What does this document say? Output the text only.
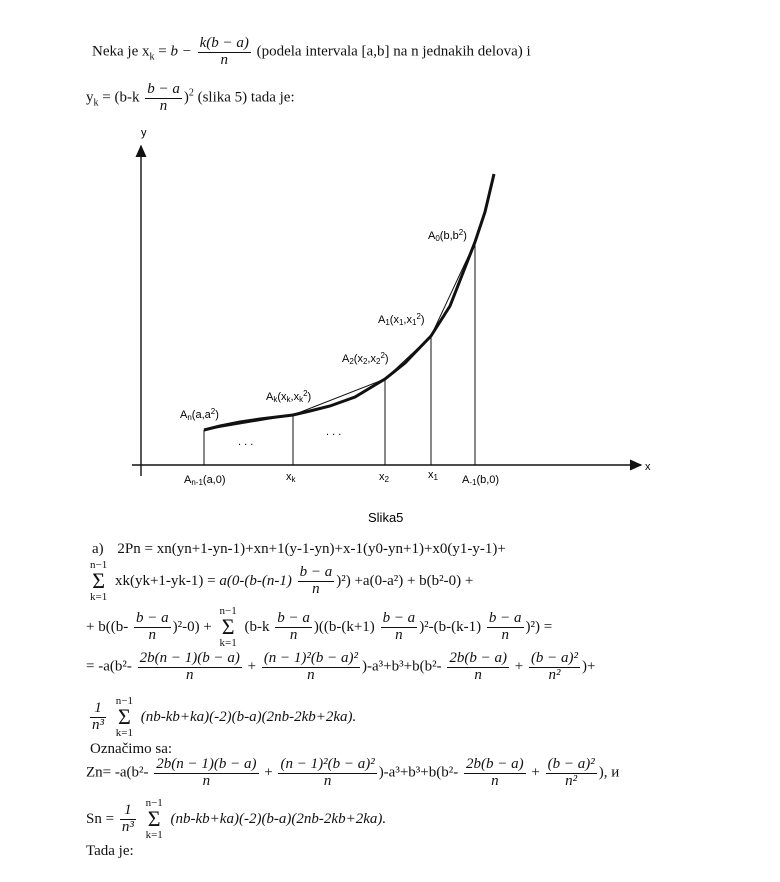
Neka je $x_k = b - \frac{k(b - a)}{n}$ (podela intervala [a,b] na n jednakih delova) i
$y_k = (b-k \frac{b - a}{n} )^2$ (slika 5) tada je:
y
x
. . .
. . .
$A0(b,b^2)$
$A1(x1,x1^2)$
$A2(x2,x2^2)$
$Ak(xk,xk^2)$
$An(a,a^2)$
An-1(a,0)	xk	x2	x1 A-1(b,0)
Slika5
a) 2Pn = xn(yn+1-yn-1)+xn+1(y-1-yn)+x-1(y0-yn+1)+x0(y1-y-1)+
n−1
Σ
k=1 $xk(yk+1-yk-1) = a(0-(b-(n-1) \frac{b - a}{n} )^2) +a(0-a^2) + b(b^2-0)$ +
+ $b((b- \frac{b - a}{n} )^2-0) + n-1$
Σ
k=1 $(b-k \frac{b - a}{n} )((b-(k+1) \frac{b - a}{n} )^2-(b-(k-1) \frac{b - a}{n} )^2)$ =
= $-a(b^2- \frac{2b(n - 1)(b - a)}{n} + \frac{\text{(n − 1)²(b − a)²}}{n} )-a^3+b^3+b(b^2- \frac{2b(b - a)}{n} + \frac{\text{(b − a)²}}{\text{n²}}$ )+
$\frac{1}{\text{n³}}$
n−1
Σ
k=1 (nb-kb+ka)(-2)(b-a)(2nb-2kb+2ka).
Označimo sa:
$Zn= -a(b^2- \frac{2b(n - 1)(b - a)}{n} + \frac{\text{(n − 1)²(b − a)²}}{n} )-a^3+b^3+b(b^2- \frac{2b(b - a)}{n} + \frac{\text{(b − a)²}}{\text{n²}}$ ), и
$Sn = \frac{1}{\text{n³}}$
n−1
Σ
k=1 (nb-kb+ka)(-2)(b-a)(2nb-2kb+2ka).
Tada je:
